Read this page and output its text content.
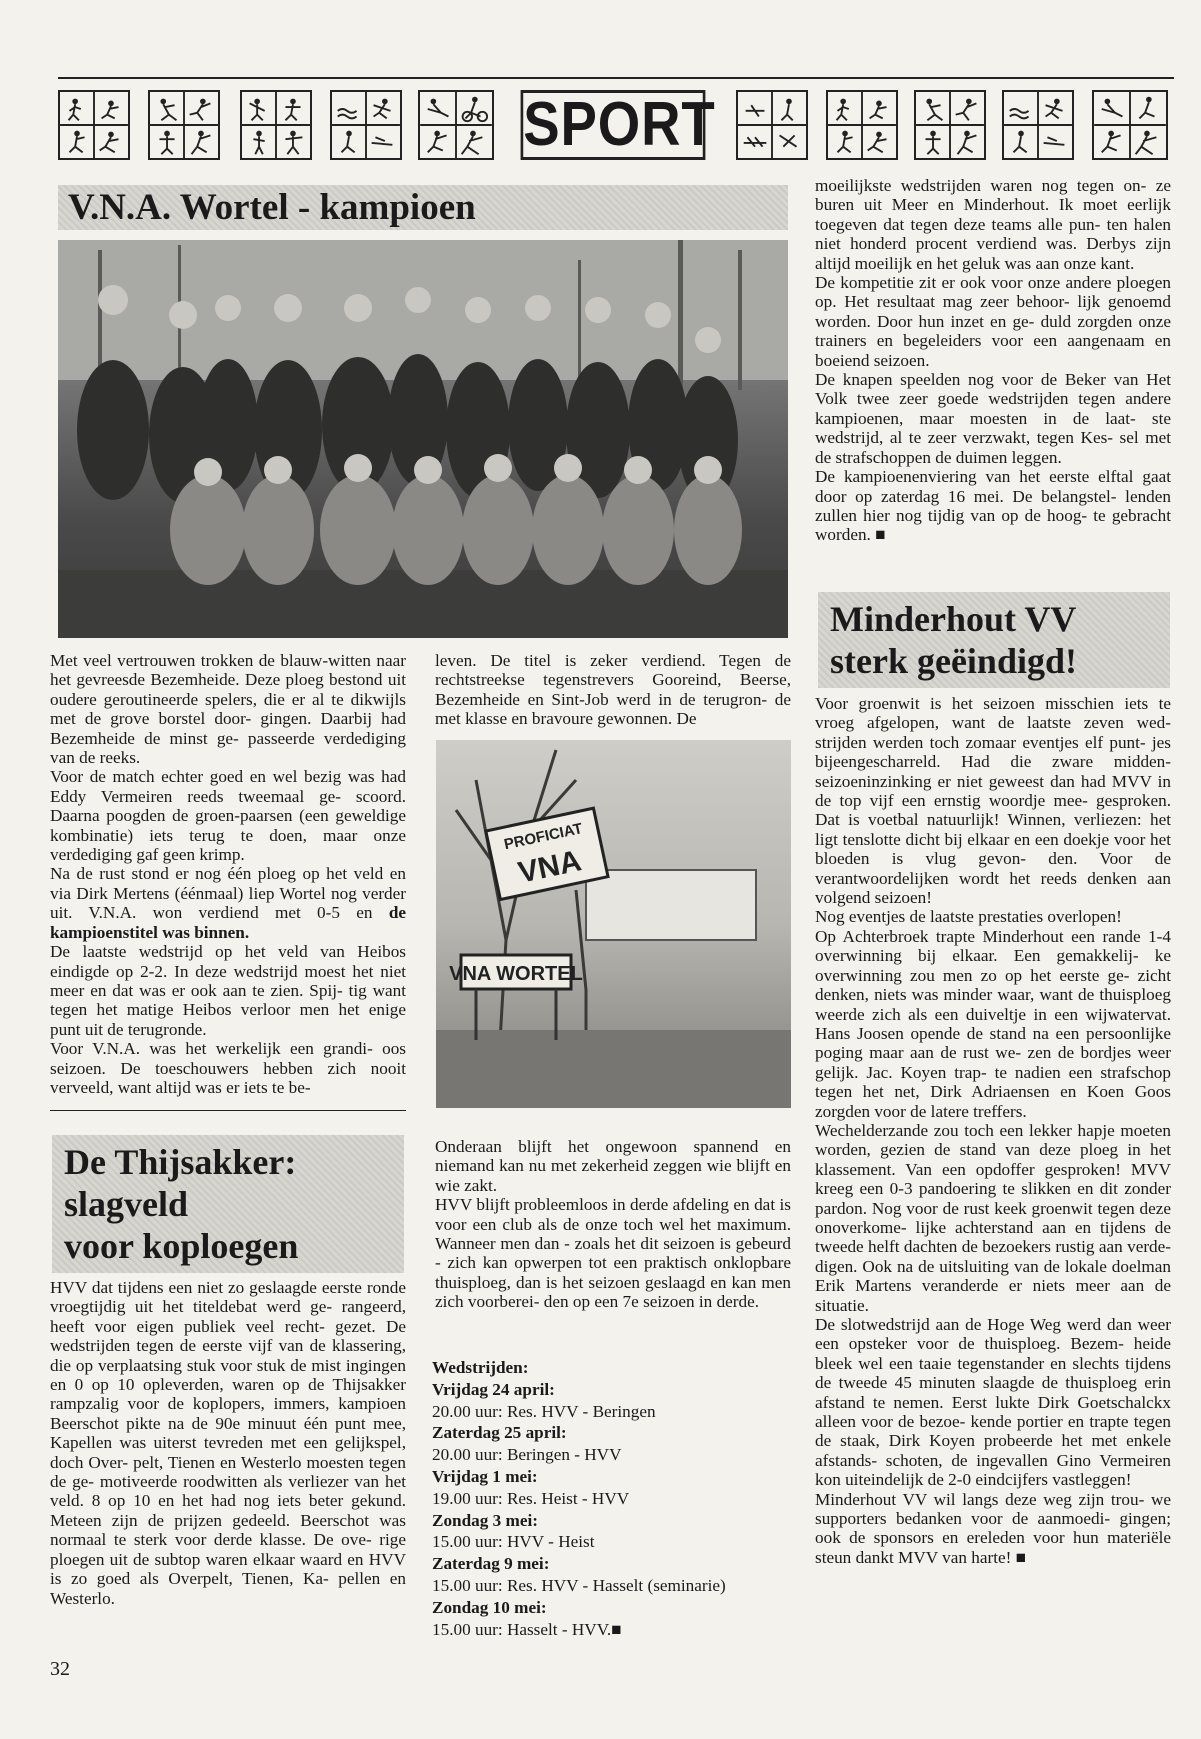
SPORT
V.N.A. Wortel - kampioen

Met veel vertrouwen trokken de blauw-witten naar het gevreesde Bezemheide. Deze ploeg bestond uit oudere geroutineerde spelers, die er al te dikwijls met de grove borstel door- gingen. Daarbij had Bezemheide de minst ge- passeerde verdediging van de reeks.

Voor de match echter goed en wel bezig was had Eddy Vermeiren reeds tweemaal ge- scoord. Daarna poogden de groen-paarsen (een geweldige kombinatie) iets terug te doen, maar onze verdediging gaf geen krimp.

Na de rust stond er nog één ploeg op het veld en via Dirk Mertens (éénmaal) liep Wortel nog verder uit. V.N.A. won verdiend met 0-5 en de kampioenstitel was binnen.

De laatste wedstrijd op het veld van Heibos eindigde op 2-2. In deze wedstrijd moest het niet meer en dat was er ook aan te zien. Spij- tig want tegen het matige Heibos verloor men het enige punt uit de terugronde.

Voor V.N.A. was het werkelijk een grandi- oos seizoen. De toeschouwers hebben zich nooit verveeld, want altijd was er iets te be-

leven. De titel is zeker verdiend. Tegen de rechtstreekse tegenstrevers Gooreind, Beerse, Bezemheide en Sint-Job werd in de terugron- de met klasse en bravoure gewonnen. De
PROFICIAT
VNA
VNA WORTEL

moeilijkste wedstrijden waren nog tegen on- ze buren uit Meer en Minderhout. Ik moet eerlijk toegeven dat tegen deze teams alle pun- ten halen niet honderd procent verdiend was. Derbys zijn altijd moeilijk en het geluk was aan onze kant.

De kompetitie zit er ook voor onze andere ploegen op. Het resultaat mag zeer behoor- lijk genoemd worden. Door hun inzet en ge- duld zorgden onze trainers en begeleiders voor een aangenaam en boeiend seizoen.

De knapen speelden nog voor de Beker van Het Volk twee zeer goede wedstrijden tegen andere kampioenen, maar moesten in de laat- ste wedstrijd, al te zeer verzwakt, tegen Kes- sel met de strafschoppen de duimen leggen.

De kampioenenviering van het eerste elftal gaat door op zaterdag 16 mei. De belangstel- lenden zullen hier nog tijdig van op de hoog- te gebracht worden. ■

Minderhout VV
sterk geëindigd!

Voor groenwit is het seizoen misschien iets te vroeg afgelopen, want de laatste zeven wed- strijden werden toch zomaar eventjes elf punt- jes bijeengescharreld. Had die zware midden- seizoeninzinking er niet geweest dan had MVV in de top vijf een ernstig woordje mee- gesproken. Dat is voetbal natuurlijk! Winnen, verliezen: het ligt tenslotte dicht bij elkaar en een doekje voor het bloeden is vlug gevon- den. Voor de verantwoordelijken wordt het reeds denken aan volgend seizoen!

Nog eventjes de laatste prestaties overlopen!

Op Achterbroek trapte Minderhout een rande 1-4 overwinning bij elkaar. Een gemakkelij- ke overwinning zou men zo op het eerste ge- zicht denken, niets was minder waar, want de thuisploeg weerde zich als een duiveltje in een wijwatervat. Hans Joosen opende de stand na een persoonlijke poging maar aan de rust we- zen de bordjes weer gelijk. Jac. Koyen trap- te nadien een strafschop tegen het net, Dirk Adriaensen en Koen Goos zorgden voor de latere treffers.

Wechelderzande zou toch een lekker hapje moeten worden, gezien de stand van deze ploeg in het klassement. Van een opdoffer gesproken! MVV kreeg een 0-3 pandoering te slikken en dit zonder pardon. Nog voor de rust keek groenwit tegen deze onoverkome- lijke achterstand aan en tijdens de tweede helft dachten de bezoekers rustig aan verde- digen. Ook na de uitsluiting van de lokale doelman Erik Martens veranderde er niets meer aan de situatie.

De slotwedstrijd aan de Hoge Weg werd dan weer een opsteker voor de thuisploeg. Bezem- heide bleek wel een taaie tegenstander en slechts tijdens de tweede 45 minuten slaagde de thuisploeg erin afstand te nemen. Eerst lukte Dirk Goetschalckx alleen voor de bezoe- kende portier en trapte tegen de staak, Dirk Koyen probeerde het met enkele afstands- schoten, de ingevallen Gino Vermeiren kon uiteindelijk de 2-0 eindcijfers vastleggen!

Minderhout VV wil langs deze weg zijn trou- we supporters bedanken voor de aanmoedi- gingen; ook de sponsors en ereleden voor hun materiële steun dankt MVV van harte! ■

De Thijsakker:
slagveld
voor koploegen
HVV dat tijdens een niet zo geslaagde eerste ronde vroegtijdig uit het titeldebat werd ge- rangeerd, heeft voor eigen publiek veel recht- gezet. De wedstrijden tegen de eerste vijf van de klassering, die op verplaatsing stuk voor stuk de mist ingingen en 0 op 10 opleverden, waren op de Thijsakker rampzalig voor de koplopers, immers, kampioen Beerschot pikte na de 90e minuut één punt mee, Kapellen was uiterst tevreden met een gelijkspel, doch Over- pelt, Tienen en Westerlo moesten tegen de ge- motiveerde roodwitten als verliezer van het veld. 8 op 10 en het had nog iets beter gekund. Meteen zijn de prijzen gedeeld. Beerschot was normaal te sterk voor derde klasse. De ove- rige ploegen uit de subtop waren elkaar waard en HVV is zo goed als Overpelt, Tienen, Ka- pellen en Westerlo.

Onderaan blijft het ongewoon spannend en niemand kan nu met zekerheid zeggen wie blijft en wie zakt.

HVV blijft probleemloos in derde afdeling en dat is voor een club als de onze toch wel het maximum. Wanneer men dan - zoals het dit seizoen is gebeurd - zich kan opwerpen tot een praktisch onklopbare thuisploeg, dan is het seizoen geslaagd en kan men zich voorberei- den op een 7e seizoen in derde.

Wedstrijden:
Vrijdag 24 april:
20.00 uur: Res. HVV - Beringen
Zaterdag 25 april:
20.00 uur: Beringen - HVV
Vrijdag 1 mei:
19.00 uur: Res. Heist - HVV
Zondag 3 mei:
15.00 uur: HVV - Heist
Zaterdag 9 mei:
15.00 uur: Res. HVV - Hasselt (seminarie)
Zondag 10 mei:
15.00 uur: Hasselt - HVV.■
32
